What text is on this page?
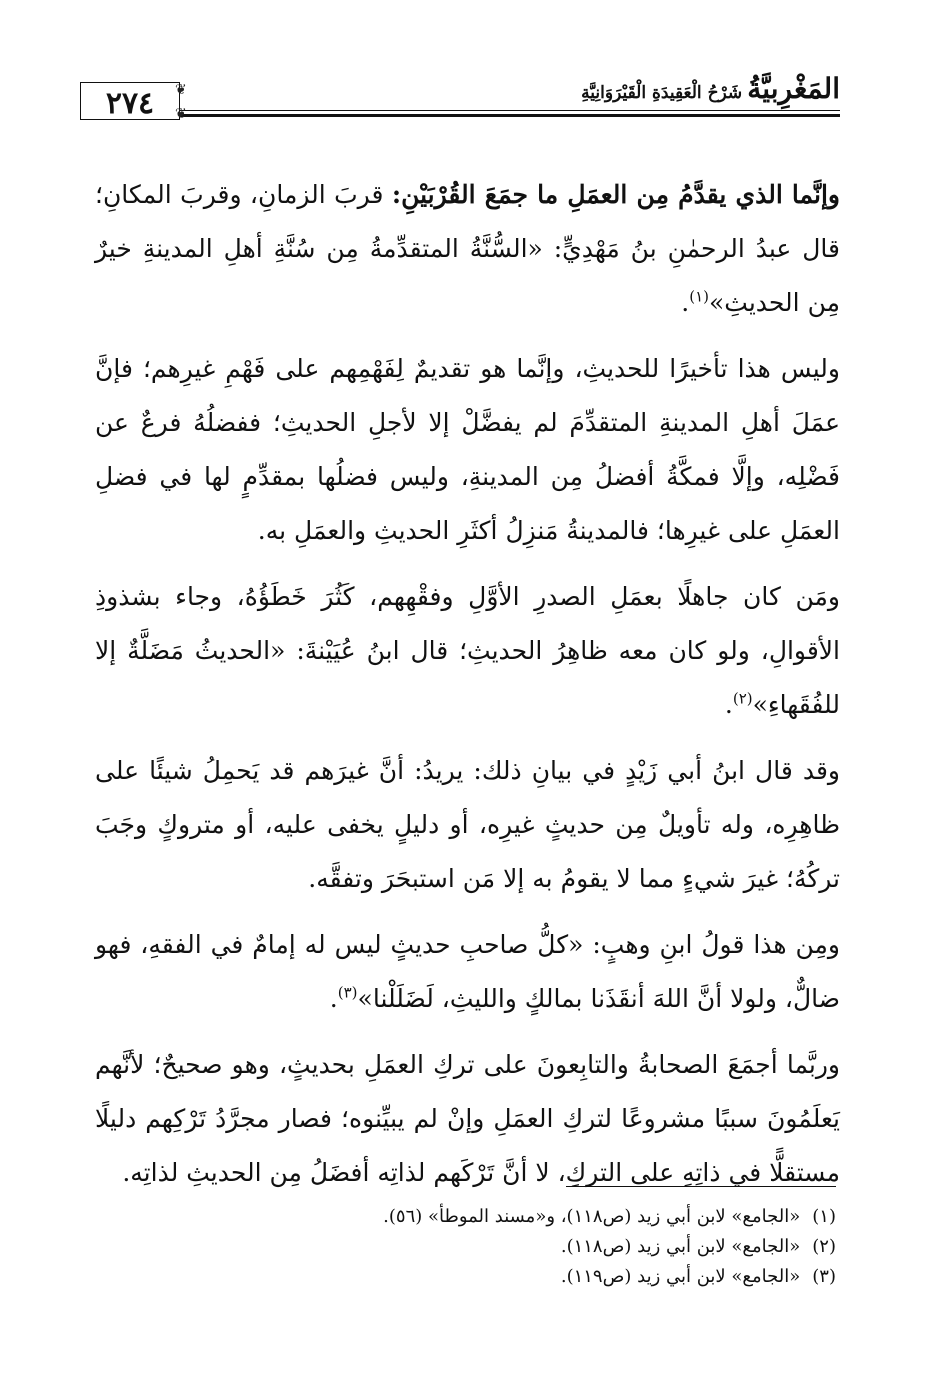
المَغْرِبيَّةُ شَرْحُ الْعَقِيدَةِ الْقَيْرَوَانِيَّةِ
٢٧٤	❦
❦

وإنَّما الذي يقدَّمُ مِن العمَلِ ما جمَعَ القُرْبَيْنِ: قربَ الزمانِ، وقربَ المكانِ؛ قال عبدُ الرحمٰنِ بنُ مَهْدِيٍّ: «السُّنَّةُ المتقدِّمةُ مِن سُنَّةِ أهلِ المدينةِ خيرٌ مِن الحديثِ»$^{(١)}$.

وليس هذا تأخيرًا للحديثِ، وإنَّما هو تقديمٌ لِفَهْمِهم على فَهْمِ غيرِهم؛ فإنَّ عمَلَ أهلِ المدينةِ المتقدِّمَ لم يفضَّلْ إلا لأجلِ الحديثِ؛ ففضلُهُ فرعٌ عن فَضْلِه، وإلَّا فمكَّةُ أفضلُ مِن المدينةِ، وليس فضلُها بمقدِّمٍ لها في فضلِ العمَلِ على غيرِها؛ فالمدينةُ مَنزِلُ أكثَرِ الحديثِ والعمَلِ به.

ومَن كان جاهلًا بعمَلِ الصدرِ الأوَّلِ وفقْهِهم، كَثُرَ خَطَؤُهُ، وجاء بشذوذِ الأقوالِ، ولو كان معه ظاهِرُ الحديثِ؛ قال ابنُ عُيَيْنةَ: «الحديثُ مَضَلَّةٌ إلا للفُقَهاءِ»$^{(٢)}$.

وقد قال ابنُ أبي زَيْدٍ في بيانِ ذلك: يريدُ: أنَّ غيرَهم قد يَحمِلُ شيئًا على ظاهِرِه، وله تأويلٌ مِن حديثٍ غيرِه، أو دليلٍ يخفى عليه، أو متروكٍ وجَبَ تركُهُ؛ غيرَ شيءٍ مما لا يقومُ به إلا مَن استبحَرَ وتفقَّه.

ومِن هذا قولُ ابنِ وهبٍ: «كلُّ صاحبِ حديثٍ ليس له إمامٌ في الفقهِ، فهو ضالٌّ، ولولا أنَّ اللهَ أنقَذَنا بمالكٍ والليثِ، لَضَلَلْنا»$^{(٣)}$.

وربَّما أجمَعَ الصحابةُ والتابِعونَ على تركِ العمَلِ بحديثٍ، وهو صحيحٌ؛ لأنَّهم يَعلَمُونَ سببًا مشروعًا لتركِ العمَلِ وإنْ لم يبيِّنوه؛ فصار مجرَّدُ تَرْكِهم دليلًا مستقلًّا في ذاتِهِ على التركِ، لا أنَّ تَرْكَهم لذاتِه أفضَلُ مِن الحديثِ لذاتِه.

(١)«الجامع» لابن أبي زيد (ص١١٨)، و«مسند الموطأ» (٥٦).
(٢)«الجامع» لابن أبي زيد (ص١١٨).
(٣)«الجامع» لابن أبي زيد (ص١١٩).
